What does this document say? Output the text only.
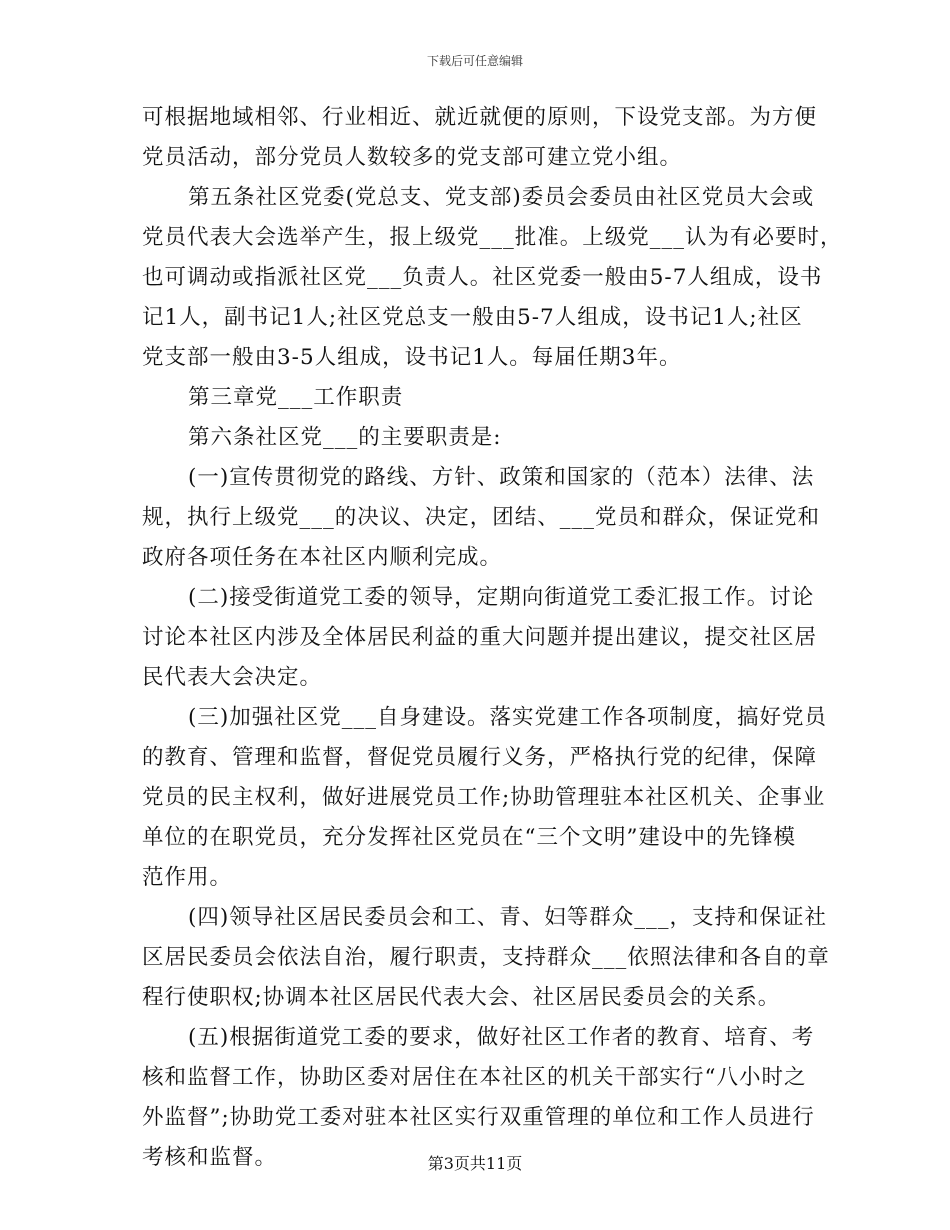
下载后可任意编辑
可根据地域相邻、行业相近、就近就便的原则，下设党支部。为方便
党员活动，部分党员人数较多的党支部可建立党小组。
第五条社区党委(党总支、党支部)委员会委员由社区党员大会或
党员代表大会选举产生，报上级党___批准。上级党___认为有必要时，
也可调动或指派社区党___负责人。社区党委一般由5-7人组成，设书
记1人，副书记1人;社区党总支一般由5-7人组成，设书记1人;社区
党支部一般由3-5人组成，设书记1人。每届任期3年。
第三章党___工作职责
第六条社区党___的主要职责是:
(一)宣传贯彻党的路线、方针、政策和国家的（范本）法律、法
规，执行上级党___的决议、决定，团结、___党员和群众，保证党和
政府各项任务在本社区内顺利完成。
(二)接受街道党工委的领导，定期向街道党工委汇报工作。讨论
讨论本社区内涉及全体居民利益的重大问题并提出建议，提交社区居
民代表大会决定。
(三)加强社区党___自身建设。落实党建工作各项制度，搞好党员
的教育、管理和监督，督促党员履行义务，严格执行党的纪律，保障
党员的民主权利，做好进展党员工作;协助管理驻本社区机关、企事业
单位的在职党员，充分发挥社区党员在“三个文明”建设中的先锋模
范作用。
(四)领导社区居民委员会和工、青、妇等群众___，支持和保证社
区居民委员会依法自治，履行职责，支持群众___依照法律和各自的章
程行使职权;协调本社区居民代表大会、社区居民委员会的关系。
(五)根据街道党工委的要求，做好社区工作者的教育、培育、考
核和监督工作，协助区委对居住在本社区的机关干部实行“八小时之
外监督”;协助党工委对驻本社区实行双重管理的单位和工作人员进行
考核和监督。	第3页共11页
